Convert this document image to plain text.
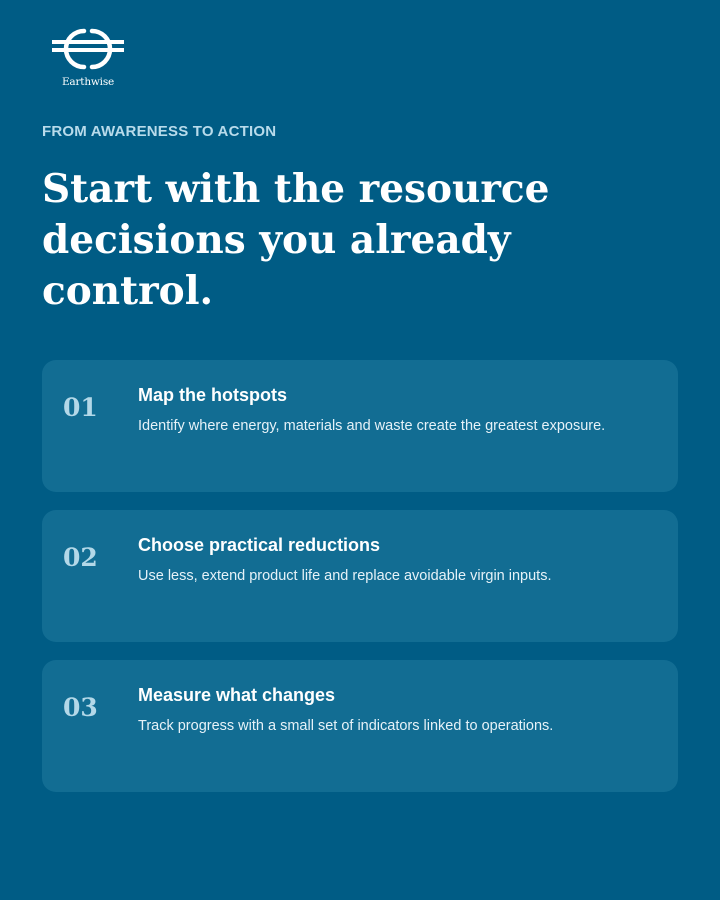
Earthwise
FROM AWARENESS TO ACTION
Start with the resource decisions you already control.
01 Map the hotspots
Identify where energy, materials and waste create the greatest exposure.
02 Choose practical reductions
Use less, extend product life and replace avoidable virgin inputs.
03 Measure what changes
Track progress with a small set of indicators linked to operations.
